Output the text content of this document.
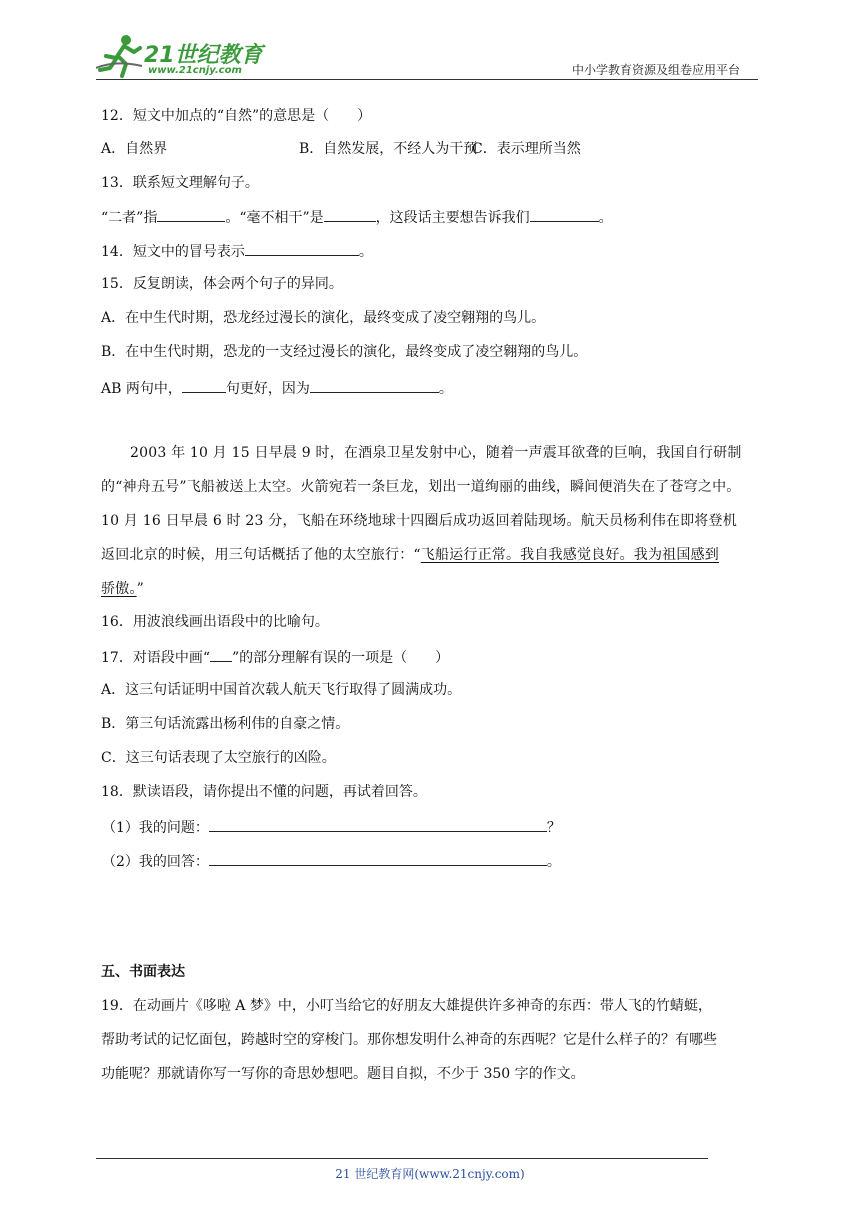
21世纪教育
www.21cnjy.com	中小学教育资源及组卷应用平台
12．短文中加点的“自然”的意思是（　　）
A．自然界	B．自然发展，不经人为干预
C．表示理所当然
13．联系短文理解句子。
“二者”指	。“毫不相干”是	，这段话主要想告诉我们	。
14．短文中的冒号表示	。
15．反复朗读，体会两个句子的异同。
A．在中生代时期，恐龙经过漫长的演化，最终变成了凌空翱翔的鸟儿。
B．在中生代时期，恐龙的一支经过漫长的演化，最终变成了凌空翱翔的鸟儿。
AB 两句中，	句更好，因为	。
2003 年 10 月 15 日早晨 9 时，在酒泉卫星发射中心，随着一声震耳欲聋的巨响，我国自行研制
的“神舟五号”飞船被送上太空。火箭宛若一条巨龙，划出一道绚丽的曲线，瞬间便消失在了苍穹之中。
10 月 16 日早晨 6 时 23 分，飞船在环绕地球十四圈后成功返回着陆现场。航天员杨利伟在即将登机
返回北京的时候，用三句话概括了他的太空旅行：“飞船运行正常。我自我感觉良好。我为祖国感到
骄傲。”
16．用波浪线画出语段中的比喻句。
17．对语段中画“ ”的部分理解有误的一项是（　　）
A．这三句话证明中国首次载人航天飞行取得了圆满成功。
B．第三句话流露出杨利伟的自豪之情。
C．这三句话表现了太空旅行的凶险。
18．默读语段，请你提出不懂的问题，再试着回答。
（1）我的问题：	？
（2）我的回答：	。
五、书面表达
19．在动画片《哆啦 A 梦》中，小叮当给它的好朋友大雄提供许多神奇的东西：带人飞的竹蜻蜓，
帮助考试的记忆面包，跨越时空的穿梭门。那你想发明什么神奇的东西呢？它是什么样子的？有哪些
功能呢？那就请你写一写你的奇思妙想吧。题目自拟，不少于 350 字的作文。
21 世纪教育网(www.21cnjy.com)
